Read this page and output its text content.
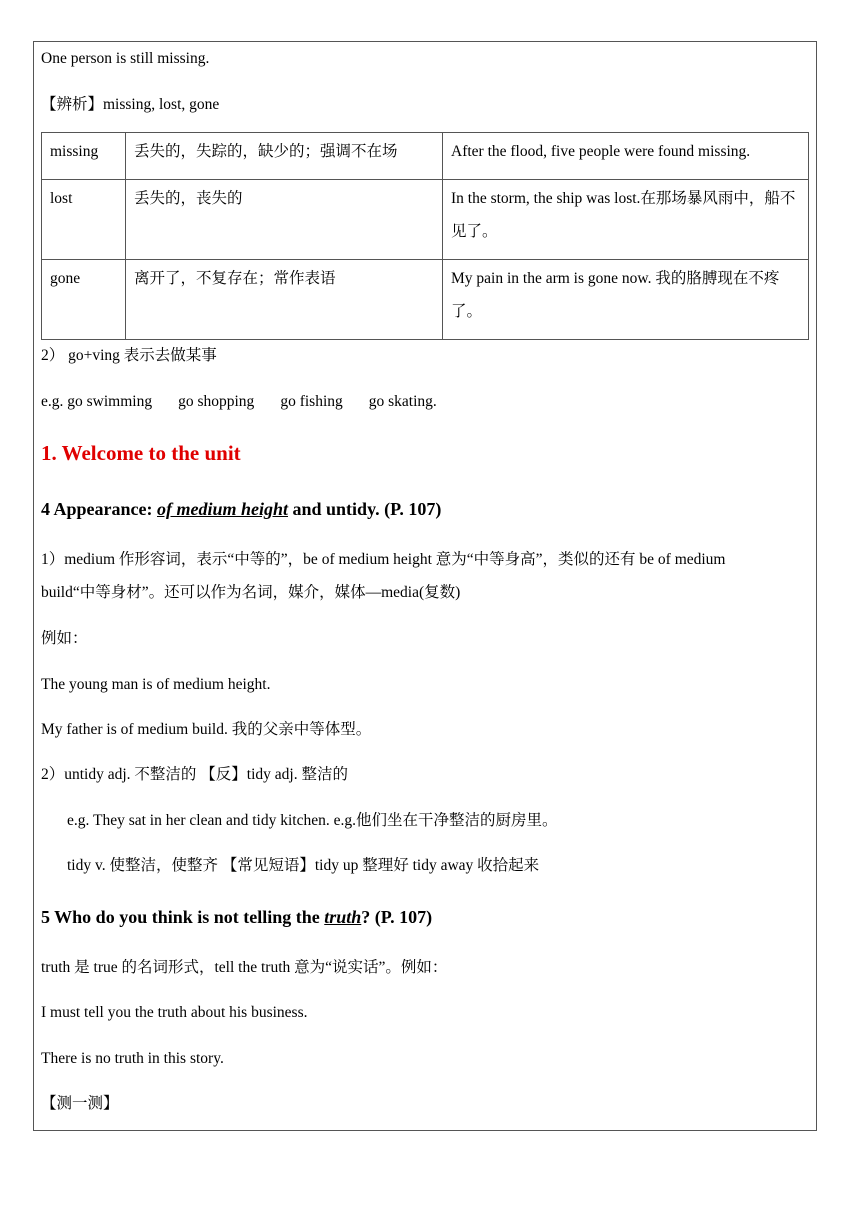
One person is still missing.
【辨析】missing, lost, gone
missing	丢失的，失踪的，缺少的；强调不在场	After the flood, five people were found missing.
lost	丢失的，丧失的	In the storm, the ship was lost.在那场暴风雨中，船不见了。
gone	离开了，不复存在；常作表语	My pain in the arm is gone now. 我的胳膊现在不疼了。
2） go+ving 表示去做某事
e.g. go swimming go shopping go fishing go skating.
1. Welcome to the unit
4 Appearance: of medium height and untidy. (P. 107)
1）medium 作形容词，表示“中等的”，be of medium height 意为“中等身高”，类似的还有 be of medium
build“中等身材”。还可以作为名词，媒介，媒体—media(复数)
例如：
The young man is of medium height.
My father is of medium build. 我的父亲中等体型。
2）untidy adj. 不整洁的 【反】tidy adj. 整洁的
e.g. They sat in her clean and tidy kitchen. e.g.他们坐在干净整洁的厨房里。
tidy v. 使整洁，使整齐 【常见短语】tidy up 整理好 tidy away 收拾起来
5 Who do you think is not telling the truth? (P. 107)
truth 是 true 的名词形式，tell the truth 意为“说实话”。例如：
I must tell you the truth about his business.
There is no truth in this story.
【测一测】
